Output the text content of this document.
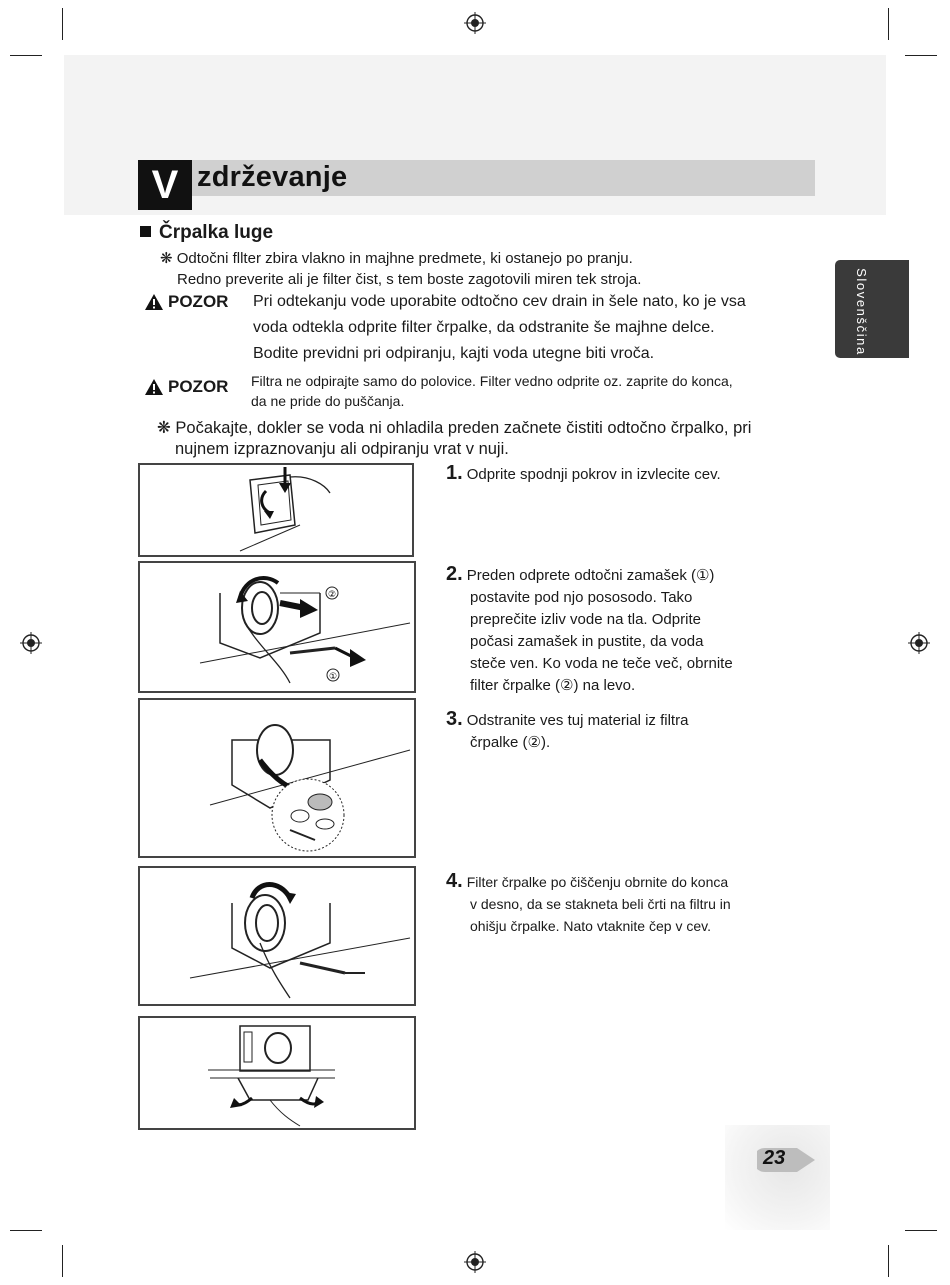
V zdrževanje
Črpalka luge
❋ Odtočni fllter zbira vlakno in majhne predmete, ki ostanejo po pranju.
Redno preverite ali je filter čist, s tem boste zagotovili miren tek stroja.
POZOR Pri odtekanju vode uporabite odtočno cev drain in šele nato, ko je vsa
voda odtekla odprite filter črpalke, da odstranite še majhne delce.
Bodite previdni pri odpiranju, kajti voda utegne biti vroča.
POZOR Filtra ne odpirajte samo do polovice. Filter vedno odprite oz. zaprite do konca,
da ne pride do puščanja.
❋ Počakajte, dokler se voda ni ohladila preden začnete čistiti odtočno črpalko, pri
nujnem izpraznovanju ali odpiranju vrat v nuji.
Slovenščina
②
①
1. Odprite spodnji pokrov in izvlecite cev.
2. Preden odprete odtočni zamašek (①)
postavite pod njo pososodo. Tako
preprečite izliv vode na tla. Odprite
počasi zamašek in pustite, da voda
steče ven. Ko voda ne teče več, obrnite
filter črpalke (②) na levo.
3. Odstranite ves tuj material iz filtra
črpalke (②).
4. Filter črpalke po čiščenju obrnite do konca
v desno, da se stakneta beli črti na filtru in
ohišju črpalke. Nato vtaknite čep v cev.
23
